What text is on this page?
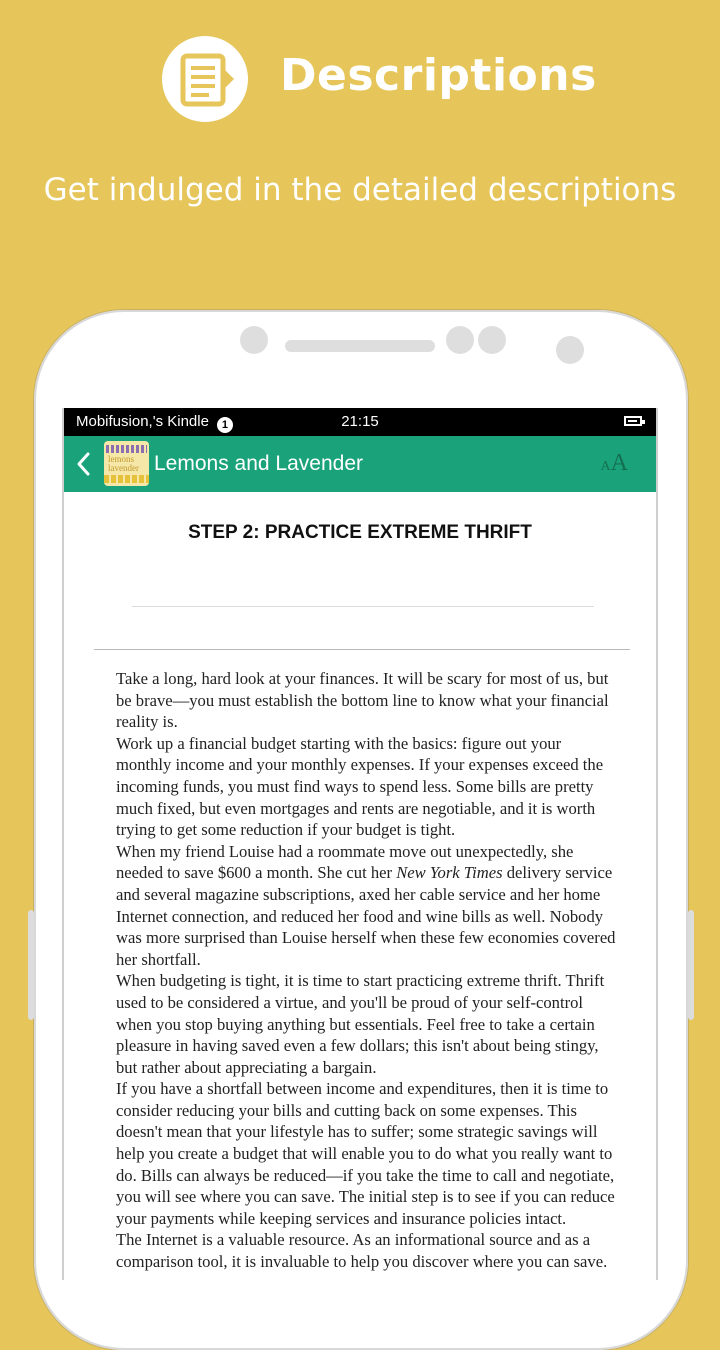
Descriptions
Get indulged in the detailed descriptions
Mobifusion,'s Kindle 1	21:15
lemons
lavender Lemons and Lavender	AA
STEP 2: PRACTICE EXTREME THRIFT

Take a long, hard look at your finances. It will be scary for most of us, but be brave—you must establish the bottom line to know what your financial reality is.

Work up a financial budget starting with the basics: figure out your monthly income and your monthly expenses. If your expenses exceed the incoming funds, you must find ways to spend less. Some bills are pretty much fixed, but even mortgages and rents are negotiable, and it is worth trying to get some reduction if your budget is tight.

When my friend Louise had a roommate move out unexpectedly, she needed to save $600 a month. She cut her New York Times delivery service and several magazine subscriptions, axed her cable service and her home Internet connection, and reduced her food and wine bills as well. Nobody was more surprised than Louise herself when these few economies covered her shortfall.

When budgeting is tight, it is time to start practicing extreme thrift. Thrift used to be considered a virtue, and you'll be proud of your self-control when you stop buying anything but essentials. Feel free to take a certain pleasure in having saved even a few dollars; this isn't about being stingy, but rather about appreciating a bargain.

If you have a shortfall between income and expenditures, then it is time to consider reducing your bills and cutting back on some expenses. This doesn't mean that your lifestyle has to suffer; some strategic savings will help you create a budget that will enable you to do what you really want to do. Bills can always be reduced—if you take the time to call and negotiate, you will see where you can save. The initial step is to see if you can reduce your payments while keeping services and insurance policies intact.

The Internet is a valuable resource. As an informational source and as a comparison tool, it is invaluable to help you discover where you can save.
